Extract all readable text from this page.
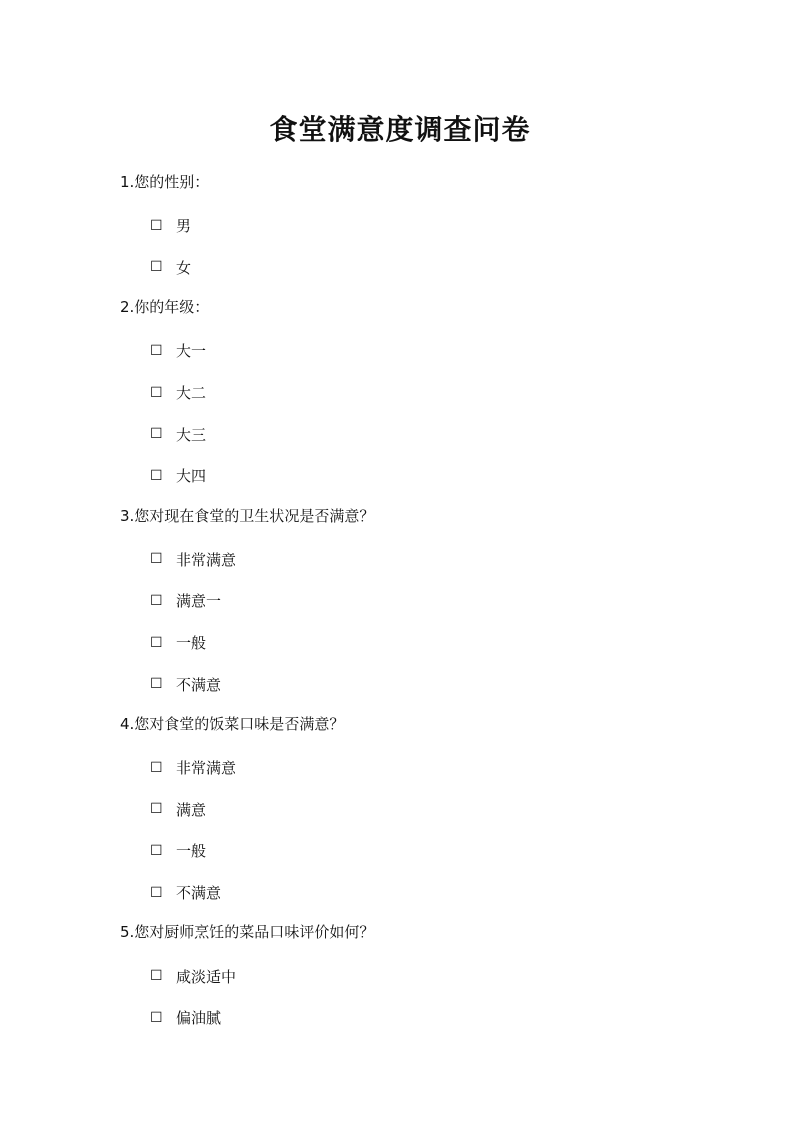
食堂满意度调查问卷

1.您的性别：

☐ 男
☐ 女

2.你的年级：

☐ 大一
☐ 大二
☐ 大三
☐ 大四

3.您对现在食堂的卫生状况是否满意？

☐ 非常满意
☐ 满意一
☐ 一般
☐ 不满意

4.您对食堂的饭菜口味是否满意？

☐ 非常满意
☐ 满意
☐ 一般
☐ 不满意

5.您对厨师烹饪的菜品口味评价如何？

☐ 咸淡适中
☐ 偏油腻
